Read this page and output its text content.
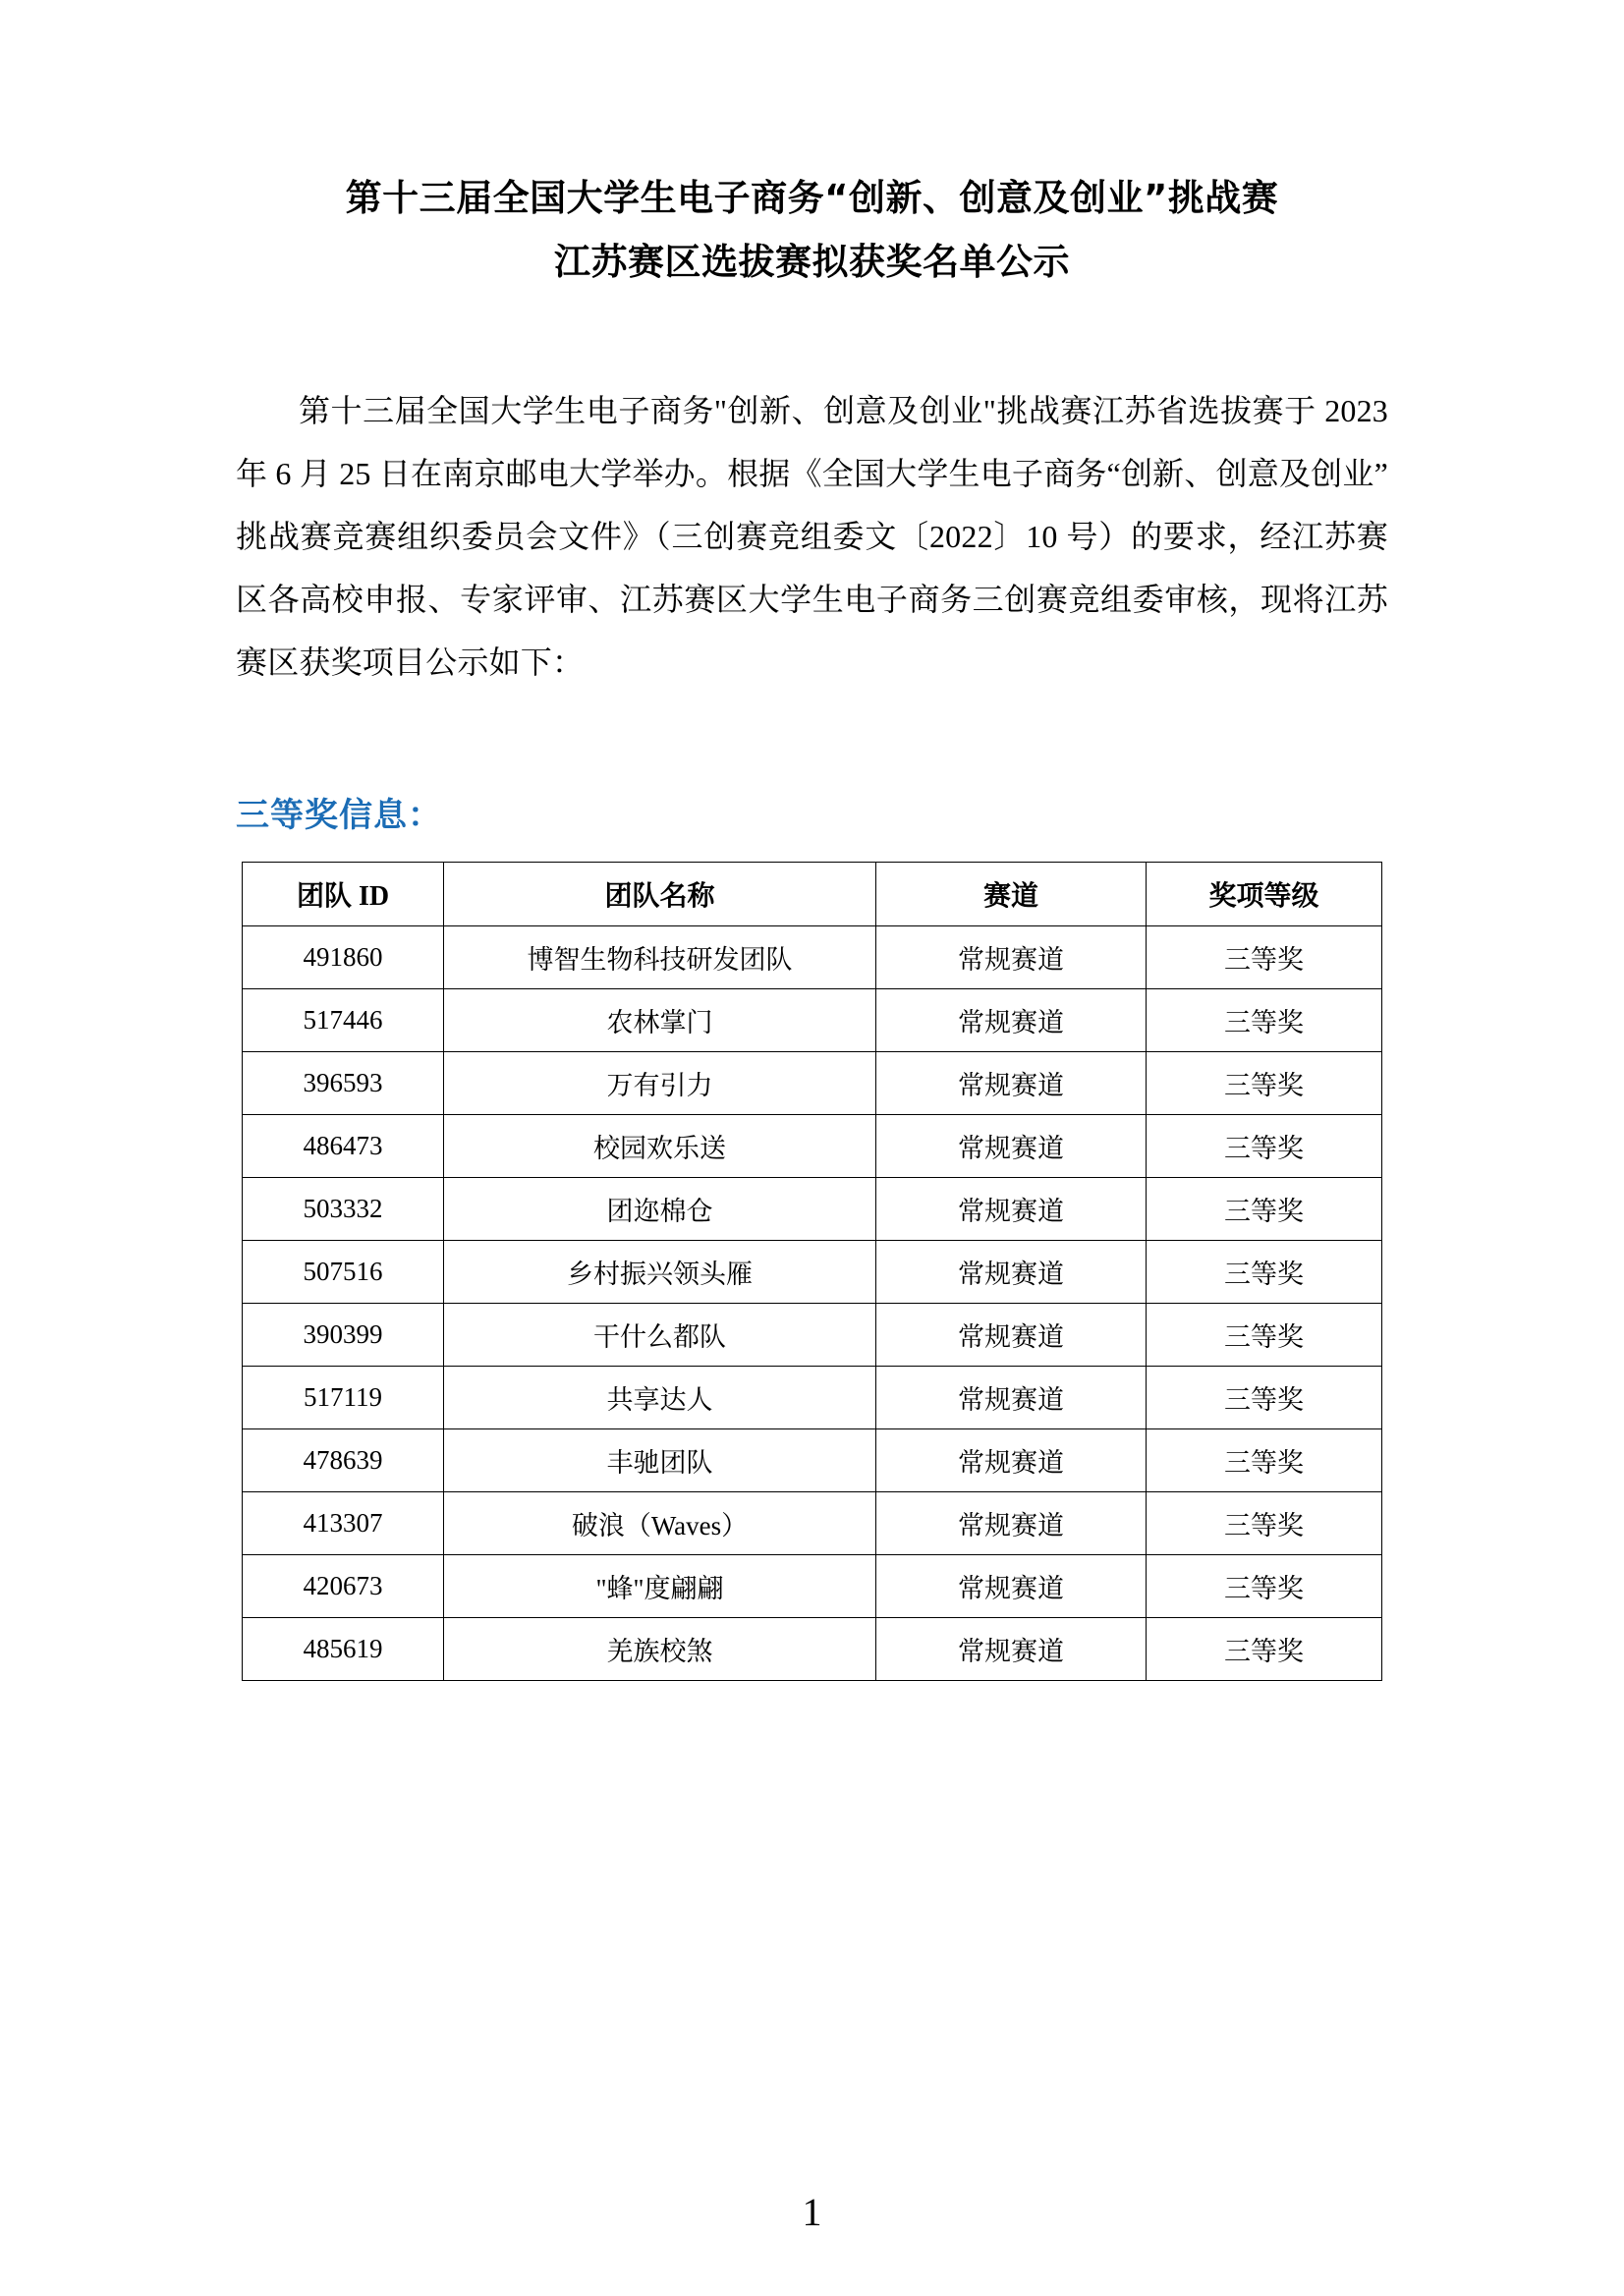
第十三届全国大学生电子商务“创新、创意及创业”挑战赛
江苏赛区选拔赛拟获奖名单公示

第十三届全国大学生电子商务"创新、创意及创业"挑战赛江苏省选拔赛于 2023 年 6 月 25 日在南京邮电大学举办。根据《全国大学生电子商务“创新、创意及创业”挑战赛竞赛组织委员会文件》（三创赛竞组委文〔2022〕10 号）的要求，经江苏赛区各高校申报、专家评审、江苏赛区大学生电子商务三创赛竞组委审核，现将江苏赛区获奖项目公示如下：

三等奖信息：
团队 ID	团队名称	赛道	奖项等级
491860	博智生物科技研发团队	常规赛道	三等奖
517446	农林掌门	常规赛道	三等奖
396593	万有引力	常规赛道	三等奖
486473	校园欢乐送	常规赛道	三等奖
503332	团迩棉仓	常规赛道	三等奖
507516	乡村振兴领头雁	常规赛道	三等奖
390399	干什么都队	常规赛道	三等奖
517119	共享达人	常规赛道	三等奖
478639	丰驰团队	常规赛道	三等奖
413307	破浪（Waves）	常规赛道	三等奖
420673	"蜂"度翩翩	常规赛道	三等奖
485619	羌族校煞	常规赛道	三等奖
1
